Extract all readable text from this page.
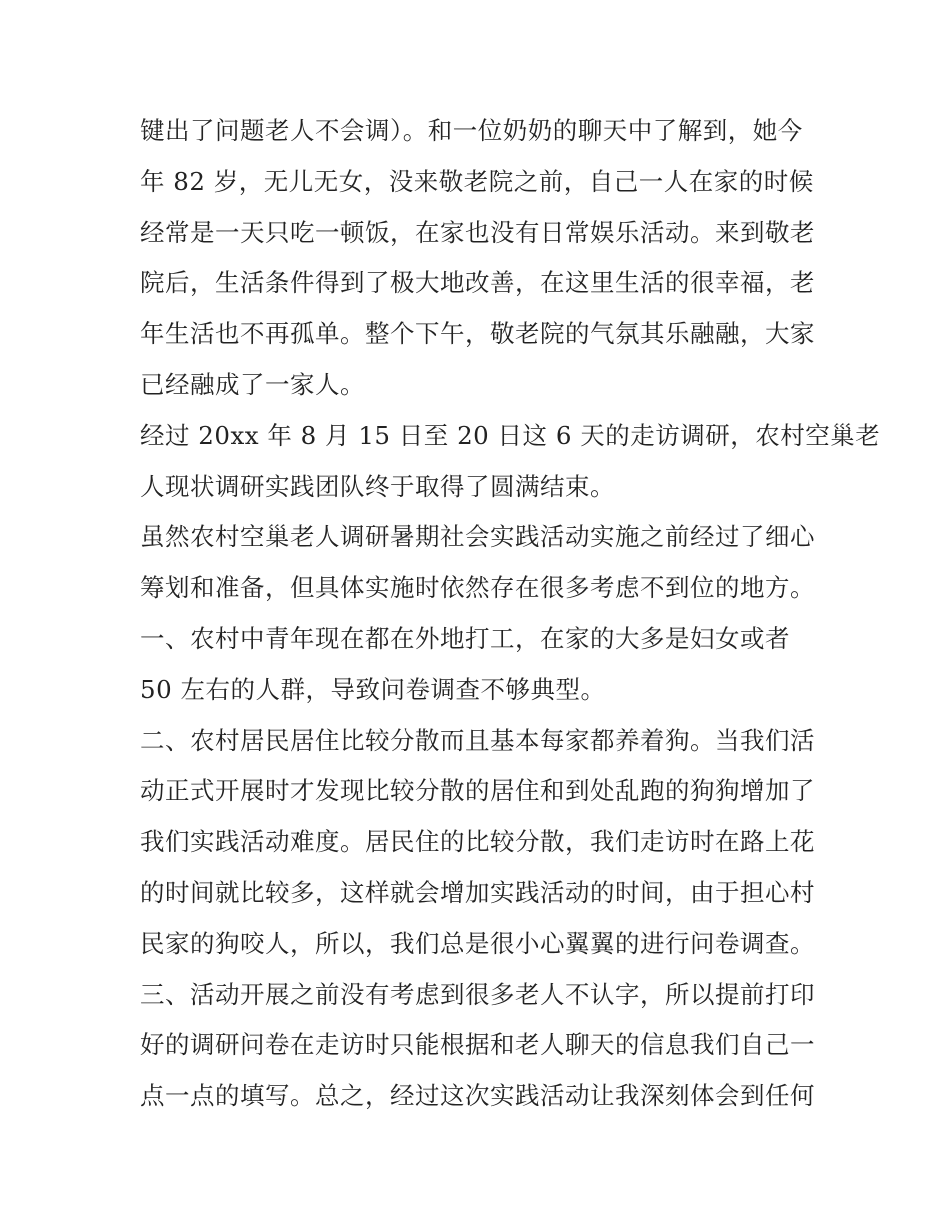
键出了问题老人不会调）。和一位奶奶的聊天中了解到，她今
年 82 岁，无儿无女，没来敬老院之前，自己一人在家的时候
经常是一天只吃一顿饭，在家也没有日常娱乐活动。来到敬老
院后，生活条件得到了极大地改善，在这里生活的很幸福，老
年生活也不再孤单。整个下午，敬老院的气氛其乐融融，大家
已经融成了一家人。
经过 20xx 年 8 月 15 日至 20 日这 6 天的走访调研，农村空巢老
人现状调研实践团队终于取得了圆满结束。
虽然农村空巢老人调研暑期社会实践活动实施之前经过了细心
筹划和准备，但具体实施时依然存在很多考虑不到位的地方。
一、农村中青年现在都在外地打工，在家的大多是妇女或者
50 左右的人群，导致问卷调查不够典型。
二、农村居民居住比较分散而且基本每家都养着狗。当我们活
动正式开展时才发现比较分散的居住和到处乱跑的狗狗增加了
我们实践活动难度。居民住的比较分散，我们走访时在路上花
的时间就比较多，这样就会增加实践活动的时间，由于担心村
民家的狗咬人，所以，我们总是很小心翼翼的进行问卷调查。
三、活动开展之前没有考虑到很多老人不认字，所以提前打印
好的调研问卷在走访时只能根据和老人聊天的信息我们自己一
点一点的填写。总之，经过这次实践活动让我深刻体会到任何
